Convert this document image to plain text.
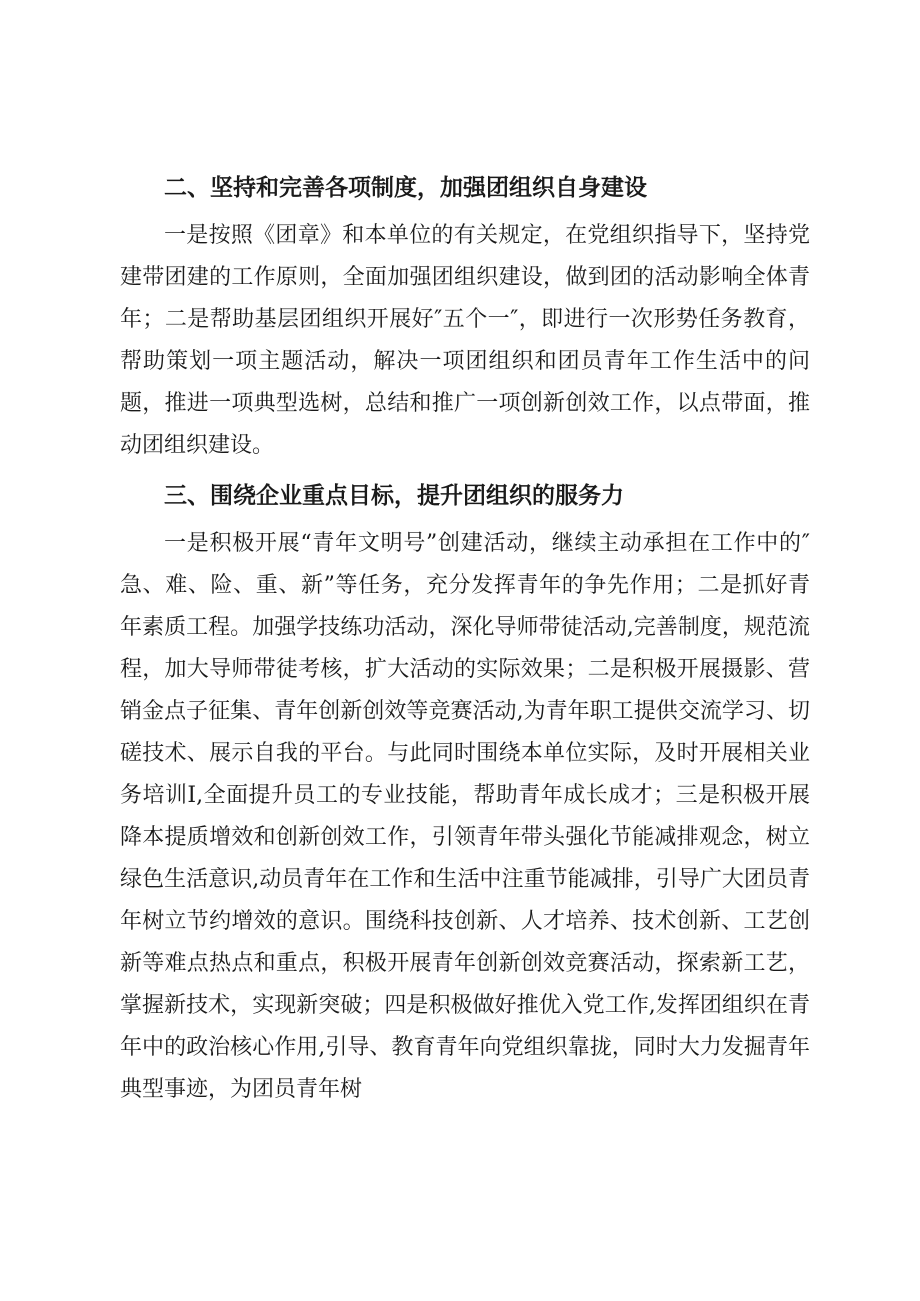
二、坚持和完善各项制度，加强团组织自身建设

一是按照《团章》和本单位的有关规定，在党组织指导下，坚持党建带团建的工作原则，全面加强团组织建设，做到团的活动影响全体青年；二是帮助基层团组织开展好″五个一″，即进行一次形势任务教育，帮助策划一项主题活动，解决一项团组织和团员青年工作生活中的问题，推进一项典型选树，总结和推广一项创新创效工作，以点带面，推动团组织建设。

三、围绕企业重点目标，提升团组织的服务力

一是积极开展“青年文明号”创建活动，继续主动承担在工作中的″急、难、险、重、新”等任务，充分发挥青年的争先作用；二是抓好青年素质工程。加强学技练功活动，深化导师带徒活动,完善制度，规范流程，加大导师带徒考核，扩大活动的实际效果；二是积极开展摄影、营销金点子征集、青年创新创效等竞赛活动,为青年职工提供交流学习、切磋技术、展示自我的平台。与此同时围绕本单位实际，及时开展相关业务培训I,全面提升员工的专业技能，帮助青年成长成才；三是积极开展降本提质增效和创新创效工作，引领青年带头强化节能减排观念，树立绿色生活意识,动员青年在工作和生活中注重节能减排，引导广大团员青年树立节约增效的意识。围绕科技创新、人才培养、技术创新、工艺创新等难点热点和重点，积极开展青年创新创效竞赛活动，探索新工艺，掌握新技术，实现新突破；四是积极做好推优入党工作,发挥团组织在青年中的政治核心作用,引导、教育青年向党组织靠拢，同时大力发掘青年典型事迹，为团员青年树
